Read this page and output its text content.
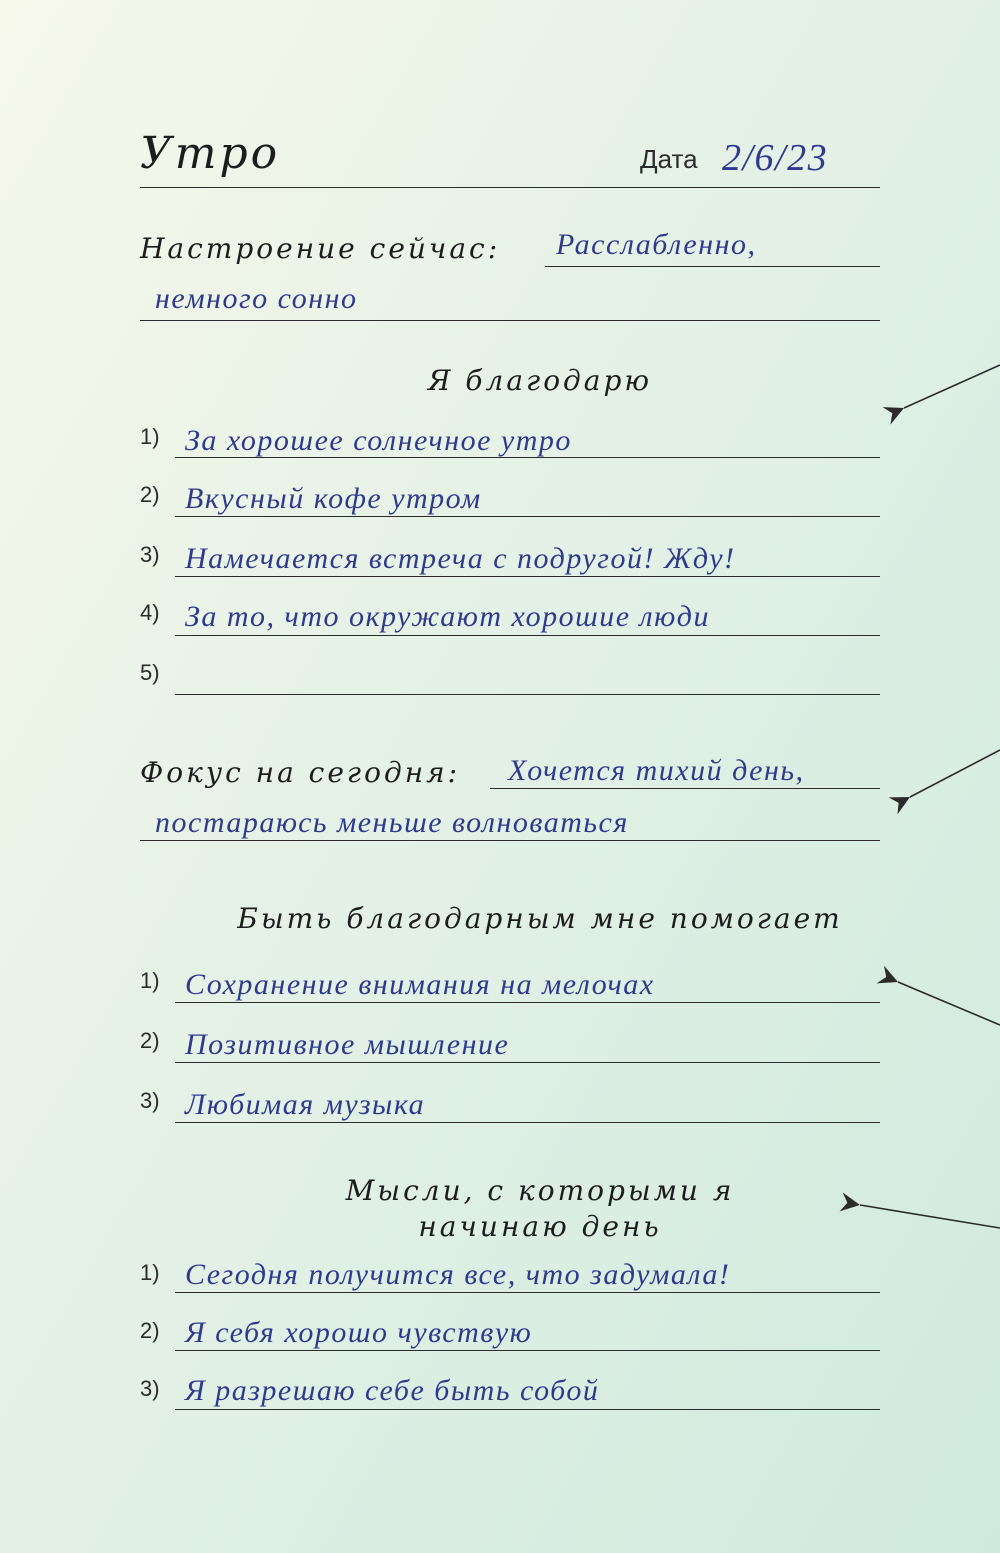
Утро	Дата 2/6/23
Настроение сейчас: Расслабленно,
немного сонно
Я благодарю
1) За хорошее солнечное утро
2) Вкусный кофе утром
3) Намечается встреча с подругой! Жду!
4) За то, что окружают хорошие люди
5)
Фокус на сегодня: Хочется тихий день,
постараюсь меньше волноваться
Быть благодарным мне помогает
1) Сохранение внимания на мелочах
2) Позитивное мышление
3) Любимая музыка
Мысли, с которыми я
начинаю день
1) Сегодня получится все, что задумала!
2) Я себя хорошо чувствую
3) Я разрешаю себе быть собой
